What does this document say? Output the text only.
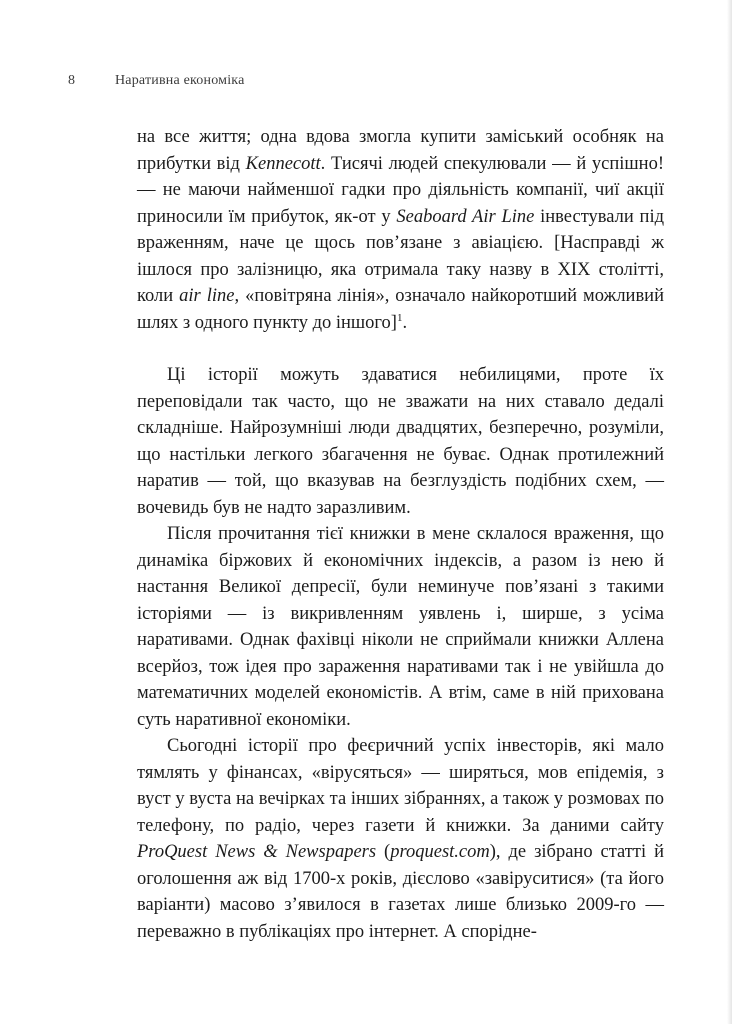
8	Наративна економіка

на все життя; одна вдова змогла купити заміський особняк на прибутки від Kennecott. Тисячі людей спекулювали — й успішно! — не маючи найменшої гадки про діяльність компанії, чиї акції приносили їм прибуток, як-от у Seaboard Air Line інвестували під враженням, наче це щось пов’язане з авіацією. [Насправді ж ішлося про залізницю, яка отримала таку назву в XIX столітті, коли air line, «повітряна лінія», означало найкоротший можливий шлях з одного пункту до іншого]$^1$.

Ці історії можуть здаватися небилицями, проте їх переповідали так часто, що не зважати на них ставало дедалі складніше. Найрозумніші люди двадцятих, безперечно, розуміли, що настільки легкого збагачення не буває. Однак протилежний наратив — той, що вказував на безглуздість подібних схем, — вочевидь був не надто заразливим.

Після прочитання тієї книжки в мене склалося враження, що динаміка біржових й економічних індексів, а разом із нею й настання Великої депресії, були неминуче пов’язані з такими історіями — із викривленням уявлень і, ширше, з усіма наративами. Однак фахівці ніколи не сприймали книжки Аллена всерйоз, тож ідея про зараження наративами так і не увійшла до математичних моделей економістів. А втім, саме в ній прихована суть наративної економіки.

Сьогодні історії про феєричний успіх інвесторів, які мало тямлять у фінансах, «вірусяться» — ширяться, мов епідемія, з вуст у вуста на вечірках та інших зібраннях, а також у розмовах по телефону, по радіо, через газети й книжки. За даними сайту ProQuest News & Newspapers (proquest.com), де зібрано статті й оголошення аж від 1700-х років, дієслово «завіруситися» (та його варіанти) масово з’явилося в газетах лише близько 2009-го — переважно в публікаціях про інтернет. А спорідне-
